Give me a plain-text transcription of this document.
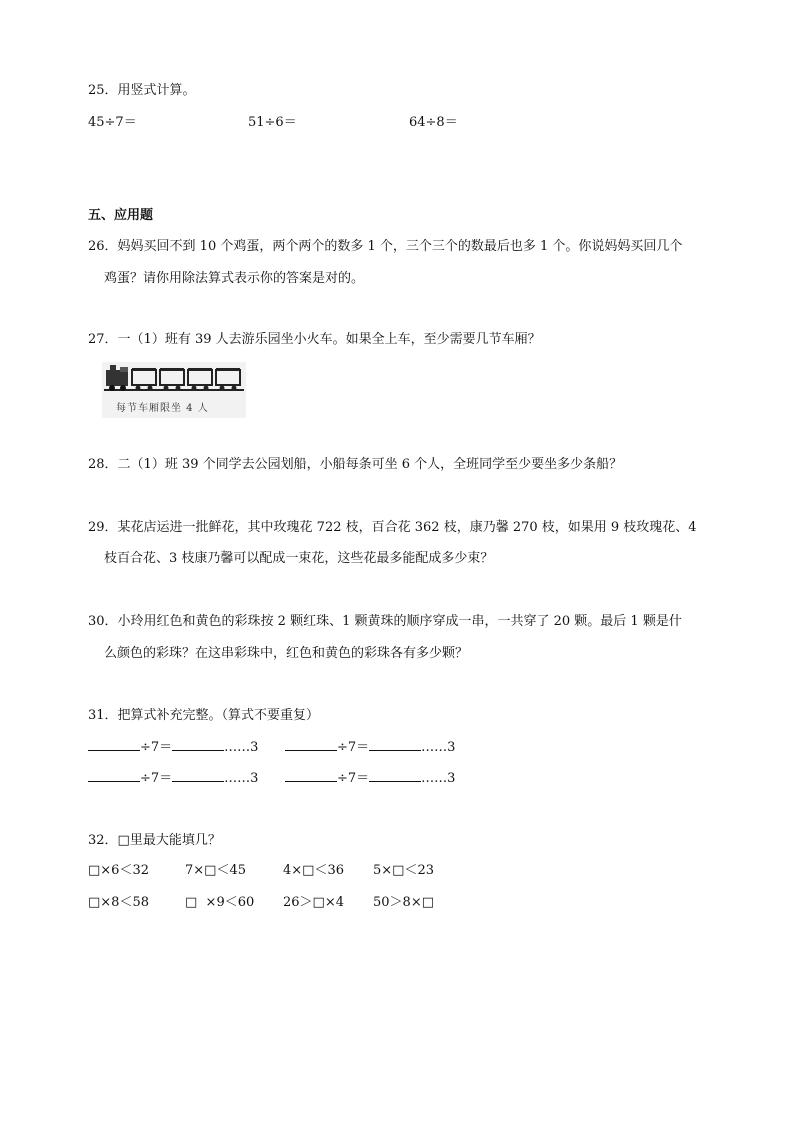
25．用竖式计算。
45÷7＝	51÷6＝	64÷8＝
五、应用题
26．妈妈买回不到 10 个鸡蛋，两个两个的数多 1 个，三个三个的数最后也多 1 个。你说妈妈买回几个
鸡蛋？请你用除法算式表示你的答案是对的。
27．一（1）班有 39 人去游乐园坐小火车。如果全上车，至少需要几节车厢？
每节车厢限坐 4 人
28．二（1）班 39 个同学去公园划船，小船每条可坐 6 个人，全班同学至少要坐多少条船？
29．某花店运进一批鲜花，其中玫瑰花 722 枝，百合花 362 枝，康乃馨 270 枝，如果用 9 枝玫瑰花、4
枝百合花、3 枝康乃馨可以配成一束花，这些花最多能配成多少束？
30．小玲用红色和黄色的彩珠按 2 颗红珠、1 颗黄珠的顺序穿成一串，一共穿了 20 颗。最后 1 颗是什
么颜色的彩珠？在这串彩珠中，红色和黄色的彩珠各有多少颗？
31．把算式补充完整。（算式不要重复）
÷7＝	……3	÷7＝	……3
÷7＝	……3	÷7＝	……3
32．□里最大能填几？
□×6＜32	7×□＜45	4×□＜36 5×□＜23
□×8＜58	□  ×9＜60 26＞□×4 50＞8×□
